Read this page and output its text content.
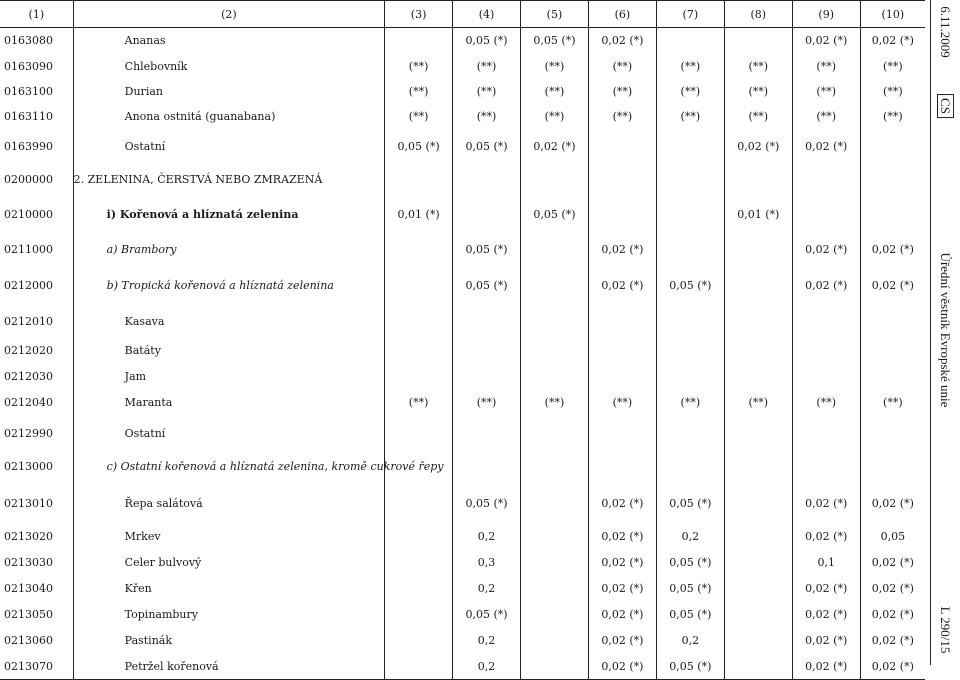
(1)	(2)	(3)	(4)	(5)	(6)	(7)	(8)	(9)	(10)
0163080	Ananas		0,05 (*)	0,05 (*)	0,02 (*)			0,02 (*)	0,02 (*)
0163090	Chlebovník	(**)	(**)	(**)	(**)	(**)	(**)	(**)	(**)
0163100	Durian	(**)	(**)	(**)	(**)	(**)	(**)	(**)	(**)
0163110	Anona ostnitá (guanabana)	(**)	(**)	(**)	(**)	(**)	(**)	(**)	(**)
0163990	Ostatní	0,05 (*)	0,05 (*)	0,02 (*)			0,02 (*)	0,02 (*)	
0200000	2. ZELENINA, ČERSTVÁ NEBO ZMRAZENÁ								
0210000	i) Kořenová a hlíznatá zelenina	0,01 (*)		0,05 (*)			0,01 (*)		
0211000	a) Brambory		0,05 (*)		0,02 (*)			0,02 (*)	0,02 (*)
0212000	b) Tropická kořenová a hlíznatá zelenina		0,05 (*)		0,02 (*)	0,05 (*)		0,02 (*)	0,02 (*)
0212010	Kasava								
0212020	Batáty								
0212030	Jam								
0212040	Maranta	(**)	(**)	(**)	(**)	(**)	(**)	(**)	(**)
0212990	Ostatní								
0213000	c) Ostatní kořenová a hlíznatá zelenina, kromě cukrové řepy								
0213010	Řepa salátová		0,05 (*)		0,02 (*)	0,05 (*)		0,02 (*)	0,02 (*)
0213020	Mrkev		0,2		0,02 (*)	0,2		0,02 (*)	0,05
0213030	Celer bulvový		0,3		0,02 (*)	0,05 (*)		0,1	0,02 (*)
0213040	Křen		0,2		0,02 (*)	0,05 (*)		0,02 (*)	0,02 (*)
0213050	Topinambury		0,05 (*)		0,02 (*)	0,05 (*)		0,02 (*)	0,02 (*)
0213060	Pastinák		0,2		0,02 (*)	0,2		0,02 (*)	0,02 (*)
0213070	Petržel kořenová		0,2		0,02 (*)	0,05 (*)		0,02 (*)	0,02 (*)
6.11.2009
CS
Úřední věstník Evropské unie
L 290/15
